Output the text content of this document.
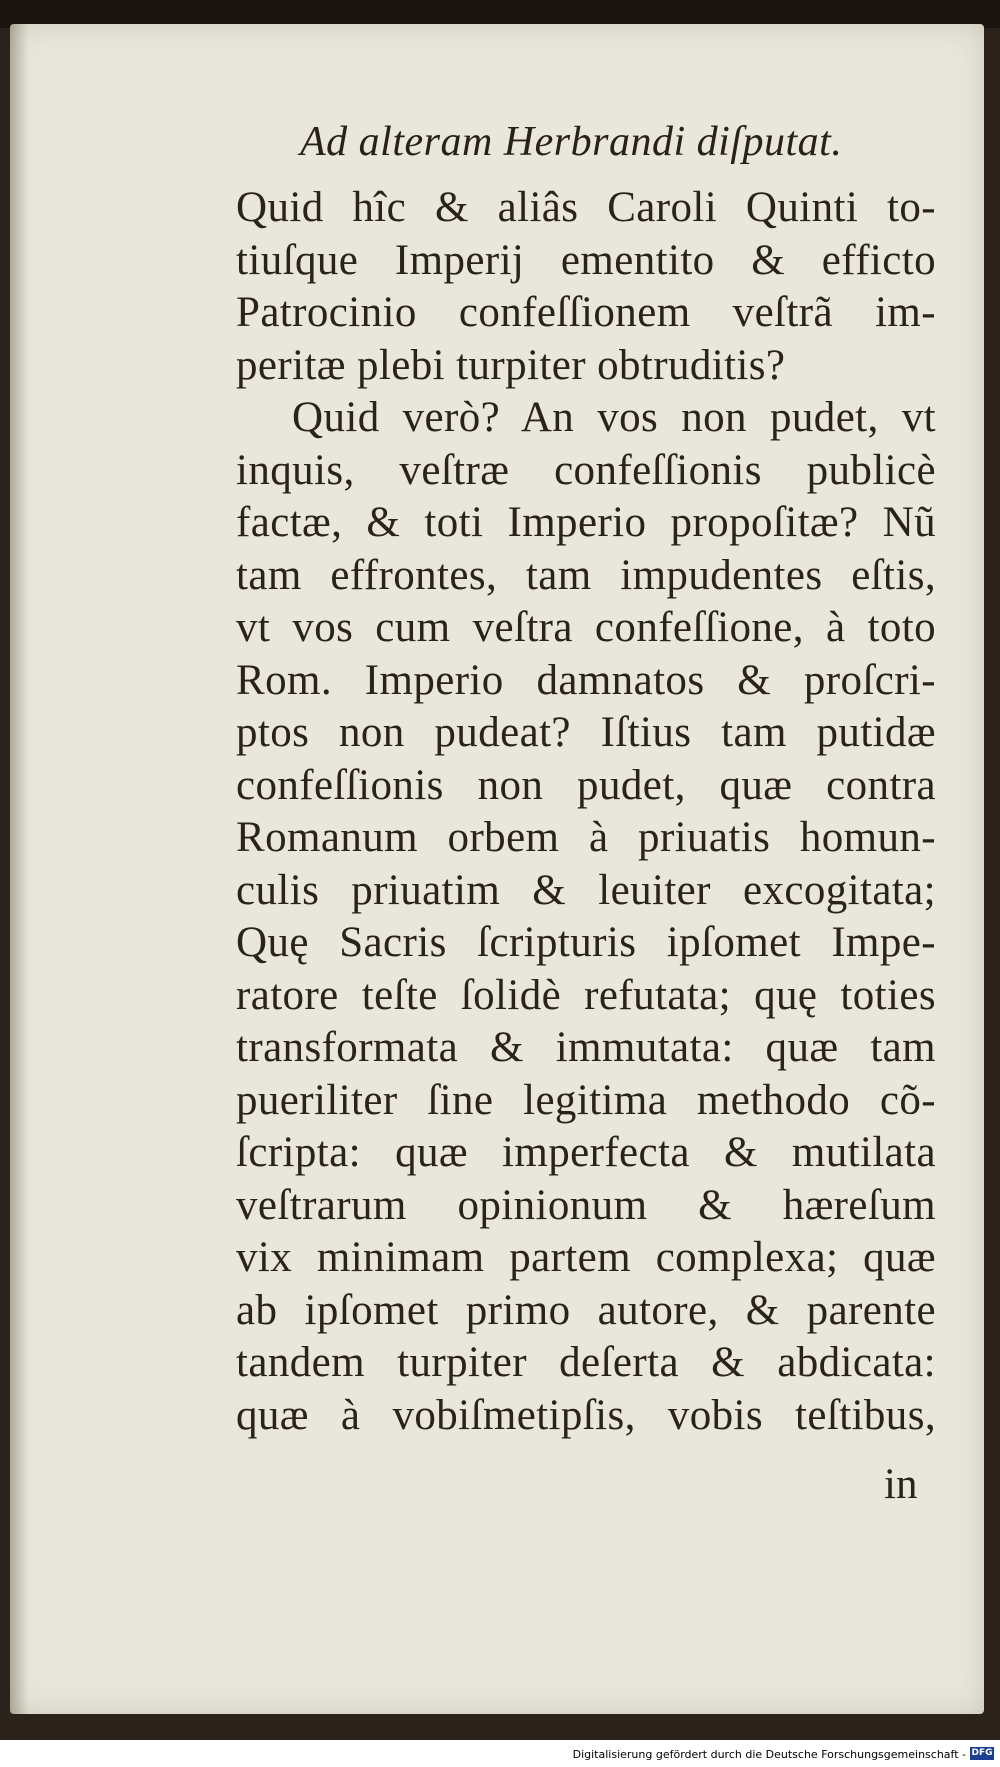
Ad alteram Herbrandi diſputat.
Quid hîc & aliâs Caroli Quinti to-
tiuſque Imperij ementito & efficto
Patrocinio confeſſionem veſtrã im-
peritæ plebi turpiter obtruditis?
Quid verò? An vos non pudet, vt
inquis, veſtræ confeſſionis publicè
factæ, & toti Imperio propoſitæ? Nũ
tam effrontes, tam impudentes eſtis,
vt vos cum veſtra confeſſione, à toto
Rom. Imperio damnatos & proſcri-
ptos non pudeat? Iſtius tam putidæ
confeſſionis non pudet, quæ contra
Romanum orbem à priuatis homun-
culis priuatim & leuiter excogitata;
Quę Sacris ſcripturis ipſomet Impe-
ratore teſte ſolidè refutata; quę toties
transformata & immutata: quæ tam
pueriliter ſine legitima methodo cõ-
ſcripta: quæ imperfecta & mutilata
veſtrarum opinionum & hæreſum
vix minimam partem complexa; quæ
ab ipſomet primo autore, & parente
tandem turpiter deſerta & abdicata:
quæ à vobiſmetipſis, vobis teſtibus,
in
Digitalisierung gefördert durch die Deutsche Forschungsgemeinschaft - DFG
